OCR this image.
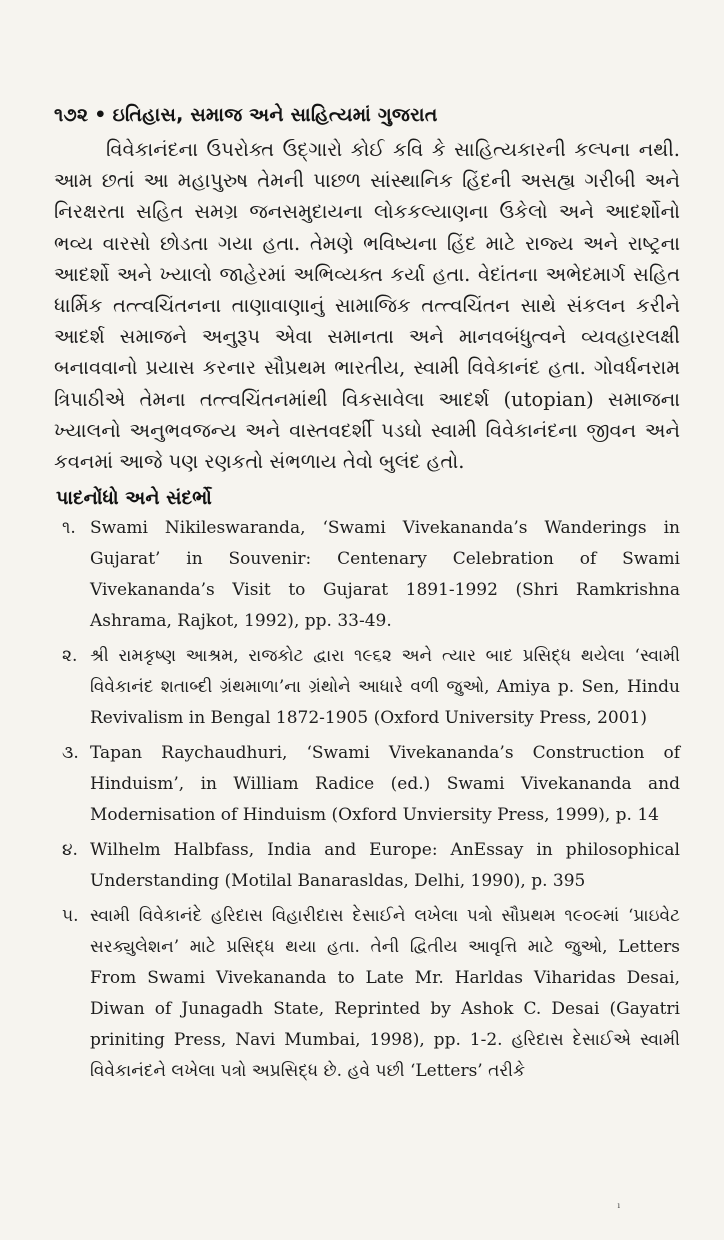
૧૭૨ • ઇતિહાસ, સમાજ અને સાહિત્યમાં ગુજરાત

વિવેકાનંદના ઉપરોક્ત ઉદ્ગારો કોઈ કવિ કે સાહિત્યકારની કલ્પના નથી. આમ છતાં આ મહાપુરુષ તેમની પાછળ સાંસ્થાનિક હિંદની અસહ્ય ગરીબી અને નિરક્ષરતા સહિત સમગ્ર જનસમુદાયના લોકકલ્યાણના ઉકેલો અને આદર્શોનો ભવ્ય વારસો છોડતા ગયા હતા. તેમણે ભવિષ્યના હિંદ માટે રાજ્ય અને રાષ્ટ્રના આદર્શો અને ખ્યાલો જાહેરમાં અભિવ્યક્ત કર્યા હતા. વેદાંતના અભેદમાર્ગ સહિત ધાર્મિક તત્ત્વચિંતનના તાણાવાણાનું સામાજિક તત્ત્વચિંતન સાથે સંકલન કરીને આદર્શ સમાજને અનુરૂપ એવા સમાનતા અને માનવબંધુત્વને વ્યવહારલક્ષી બનાવવાનો પ્રયાસ કરનાર સૌપ્રથમ ભારતીય, સ્વામી વિવેકાનંદ હતા. ગોવર્ધનરામ ત્રિપાઠીએ તેમના તત્ત્વચિંતનમાંથી વિકસાવેલા આદર્શ (utopian) સમાજના ખ્યાલનો અનુભવજન્ય અને વાસ્તવદર્શી પડઘો સ્વામી વિવેકાનંદના જીવન અને કવનમાં આજે પણ રણકતો સંભળાય તેવો બુલંદ હતો.

પાદનોંધો અને સંદર્ભો
૧. Swami Nikileswaranda, ‘Swami Vivekananda’s Wanderings in Gujarat’ in Souvenir: Centenary Celebration of Swami Vivekananda’s Visit to Gujarat 1891-1992 (Shri Ramkrishna Ashrama, Rajkot, 1992), pp. 33-49.
૨. શ્રી રામકૃષ્ણ આશ્રમ, રાજકોટ દ્વારા ૧૯૬૨ અને ત્યાર બાદ પ્રસિદ્ધ થયેલા ‘સ્વામી વિવેકાનંદ શતાબ્દી ગ્રંથમાળા’ના ગ્રંથોને આધારે વળી જુઓ, Amiya p. Sen, Hindu Revivalism in Bengal 1872-1905 (Oxford University Press, 2001)
૩. Tapan Raychaudhuri, ‘Swami Vivekananda’s Construction of Hinduism’, in William Radice (ed.) Swami Vivekananda and Modernisation of Hinduism (Oxford Unviersity Press, 1999), p. 14
૪. Wilhelm Halbfass, India and Europe: AnEssay in philosophical Understanding (Motilal Banarasldas, Delhi, 1990), p. 395
૫. સ્વામી વિવેકાનંદે હરિદાસ વિહારીદાસ દેસાઈને લખેલા પત્રો સૌપ્રથમ ૧૯૦૯માં ‘પ્રાઇવેટ સરક્યુલેશન’ માટે પ્રસિદ્ધ થયા હતા. તેની દ્વિતીય આવૃત્તિ માટે જુઓ, Letters From Swami Vivekananda to Late Mr. Harldas Viharidas Desai, Diwan of Junagadh State, Reprinted by Ashok C. Desai (Gayatri priniting Press, Navi Mumbai, 1998), pp. 1-2. હરિદાસ દેસાઈએ સ્વામી વિવેકાનંદને લખેલા પત્રો અપ્રસિદ્ધ છે. હવે પછી ‘Letters’ તરીકે
ı
